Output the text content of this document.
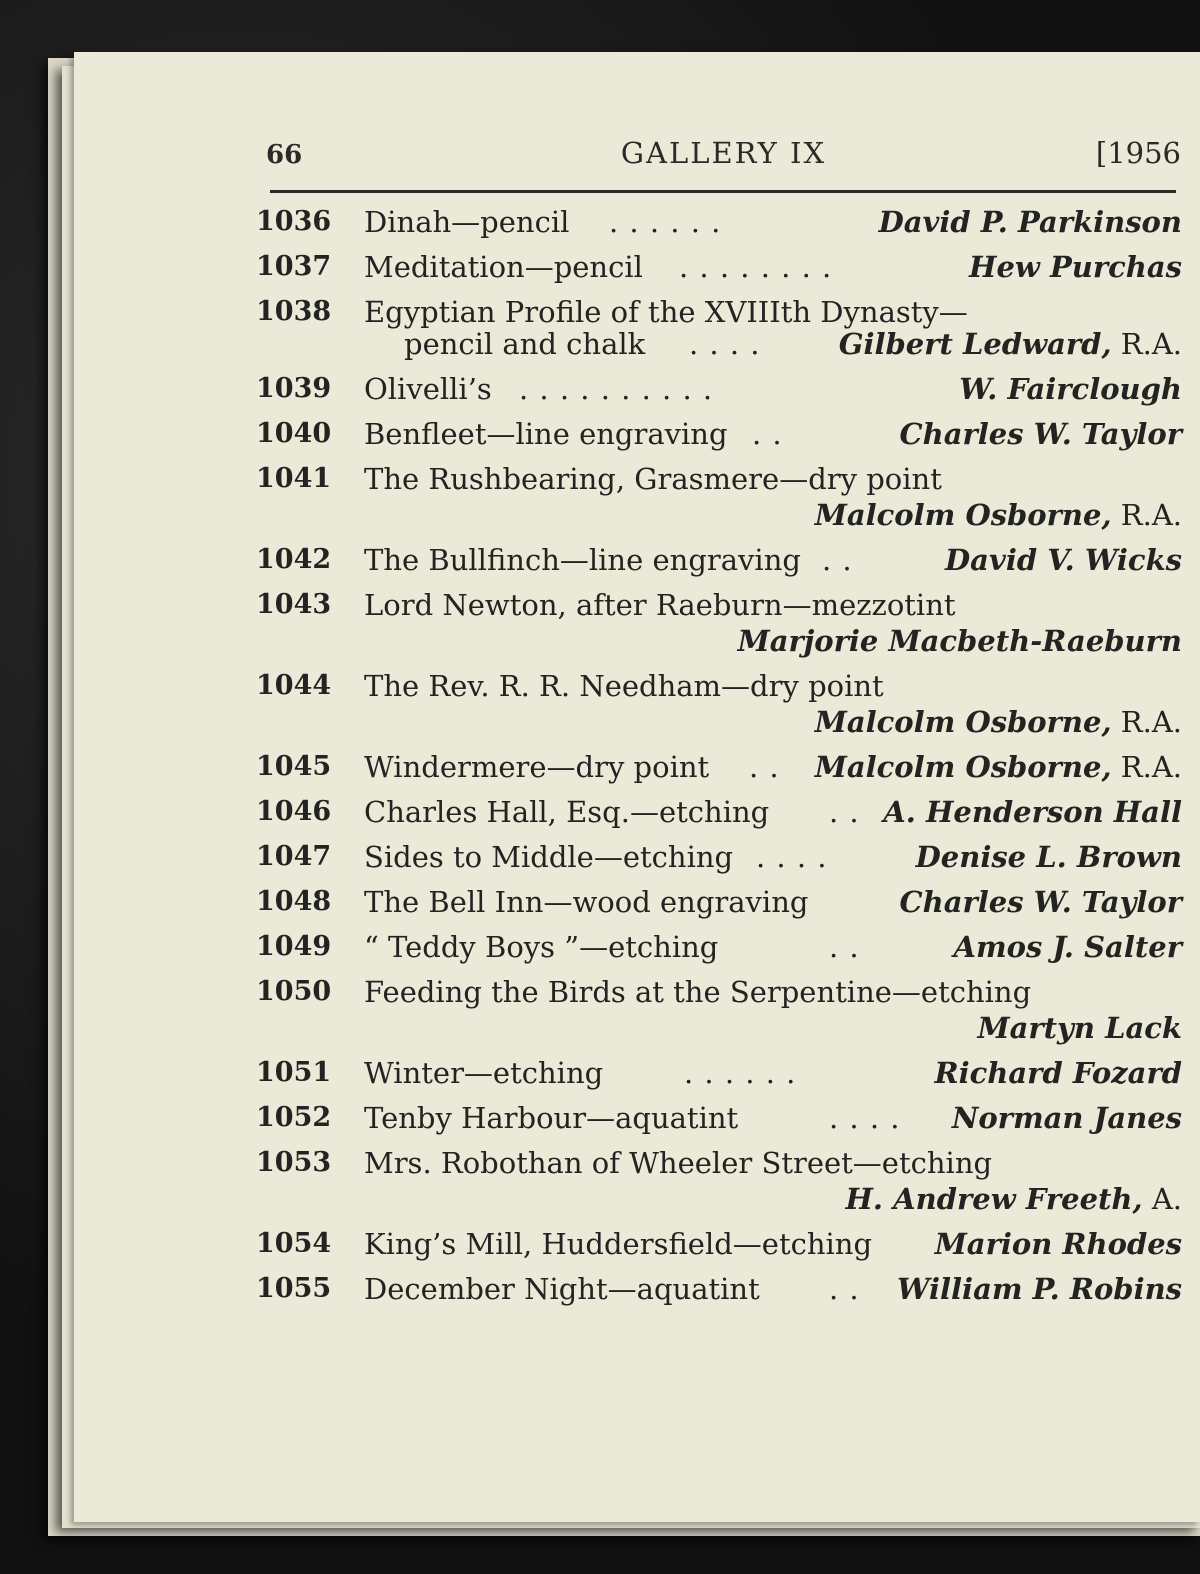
66	GALLERY IX	[1956
1036	Dinah—pencil . . . . . .	David P. Parkinson
1037	Meditation—pencil . . . . . . . .	Hew Purchas
1038	Egyptian Profile of the XVIIIth Dynasty—
pencil and chalk . . . .	Gilbert Ledward, R.A.
1039	Olivelli’s . . . . . . . . . .	W. Fairclough
1040	Benfleet—line engraving . .	Charles W. Taylor
1041	The Rushbearing, Grasmere—dry point
Malcolm Osborne, R.A.
1042	The Bullfinch—line engraving . .	David V. Wicks
1043	Lord Newton, after Raeburn—mezzotint
Marjorie Macbeth-Raeburn
1044	The Rev. R. R. Needham—dry point
Malcolm Osborne, R.A.
1045	Windermere—dry point . . Malcolm Osborne, R.A.
1046	Charles Hall, Esq.—etching . . A. Henderson Hall
1047	Sides to Middle—etching . . . .	Denise L. Brown
1048	The Bell Inn—wood engraving	Charles W. Taylor
1049	“ Teddy Boys ”—etching	. .	Amos J. Salter
1050	Feeding the Birds at the Serpentine—etching
Martyn Lack
1051	Winter—etching	. . . . . .	Richard Fozard
1052	Tenby Harbour—aquatint	. . . . Norman Janes
1053	Mrs. Robothan of Wheeler Street—etching
H. Andrew Freeth, A.
1054	King’s Mill, Huddersfield—etching Marion Rhodes
1055	December Night—aquatint . . William P. Robins
